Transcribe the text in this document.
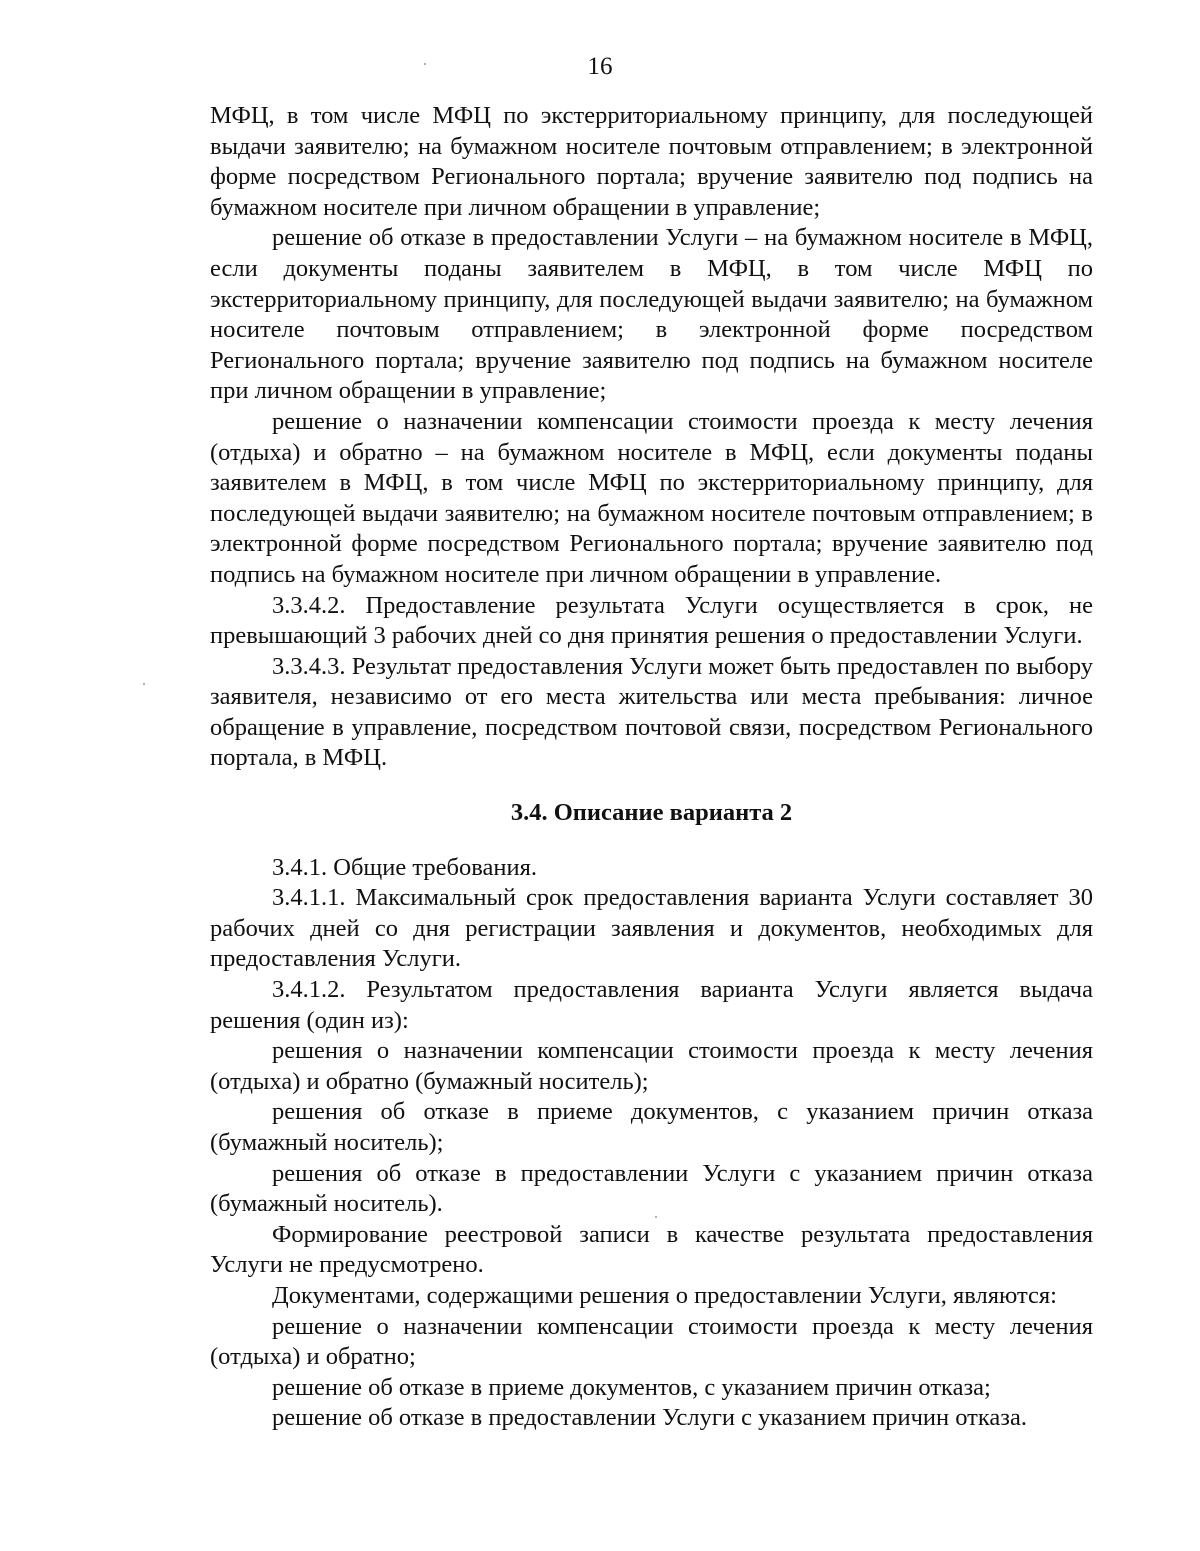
16

МФЦ, в том числе МФЦ по экстерриториальному принципу, для последующей выдачи заявителю; на бумажном носителе почтовым отправлением; в электронной форме посредством Регионального портала; вручение заявителю под подпись на бумажном носителе при личном обращении в управление;

решение об отказе в предоставлении Услуги – на бумажном носителе в МФЦ, если документы поданы заявителем в МФЦ, в том числе МФЦ по экстерриториальному принципу, для последующей выдачи заявителю; на бумажном носителе почтовым отправлением; в электронной форме посредством Регионального портала; вручение заявителю под подпись на бумажном носителе при личном обращении в управление;

решение о назначении компенсации стоимости проезда к месту лечения (отдыха) и обратно – на бумажном носителе в МФЦ, если документы поданы заявителем в МФЦ, в том числе МФЦ по экстерриториальному принципу, для последующей выдачи заявителю; на бумажном носителе почтовым отправлением; в электронной форме посредством Регионального портала; вручение заявителю под подпись на бумажном носителе при личном обращении в управление.

3.3.4.2. Предоставление результата Услуги осуществляется в срок, не превышающий 3 рабочих дней со дня принятия решения о предоставлении Услуги.

3.3.4.3. Результат предоставления Услуги может быть предоставлен по выбору заявителя, независимо от его места жительства или места пребывания: личное обращение в управление, посредством почтовой связи, посредством Регионального портала, в МФЦ.

3.4. Описание варианта 2

3.4.1. Общие требования.

3.4.1.1. Максимальный срок предоставления варианта Услуги составляет 30 рабочих дней со дня регистрации заявления и документов, необходимых для предоставления Услуги.

3.4.1.2. Результатом предоставления варианта Услуги является выдача решения (один из):

решения о назначении компенсации стоимости проезда к месту лечения (отдыха) и обратно (бумажный носитель);

решения об отказе в приеме документов, с указанием причин отказа (бумажный носитель);

решения об отказе в предоставлении Услуги с указанием причин отказа (бумажный носитель).

Формирование реестровой записи в качестве результата предоставления Услуги не предусмотрено.

Документами, содержащими решения о предоставлении Услуги, являются:

решение о назначении компенсации стоимости проезда к месту лечения (отдыха) и обратно;

решение об отказе в приеме документов, с указанием причин отказа;

решение об отказе в предоставлении Услуги с указанием причин отказа.
